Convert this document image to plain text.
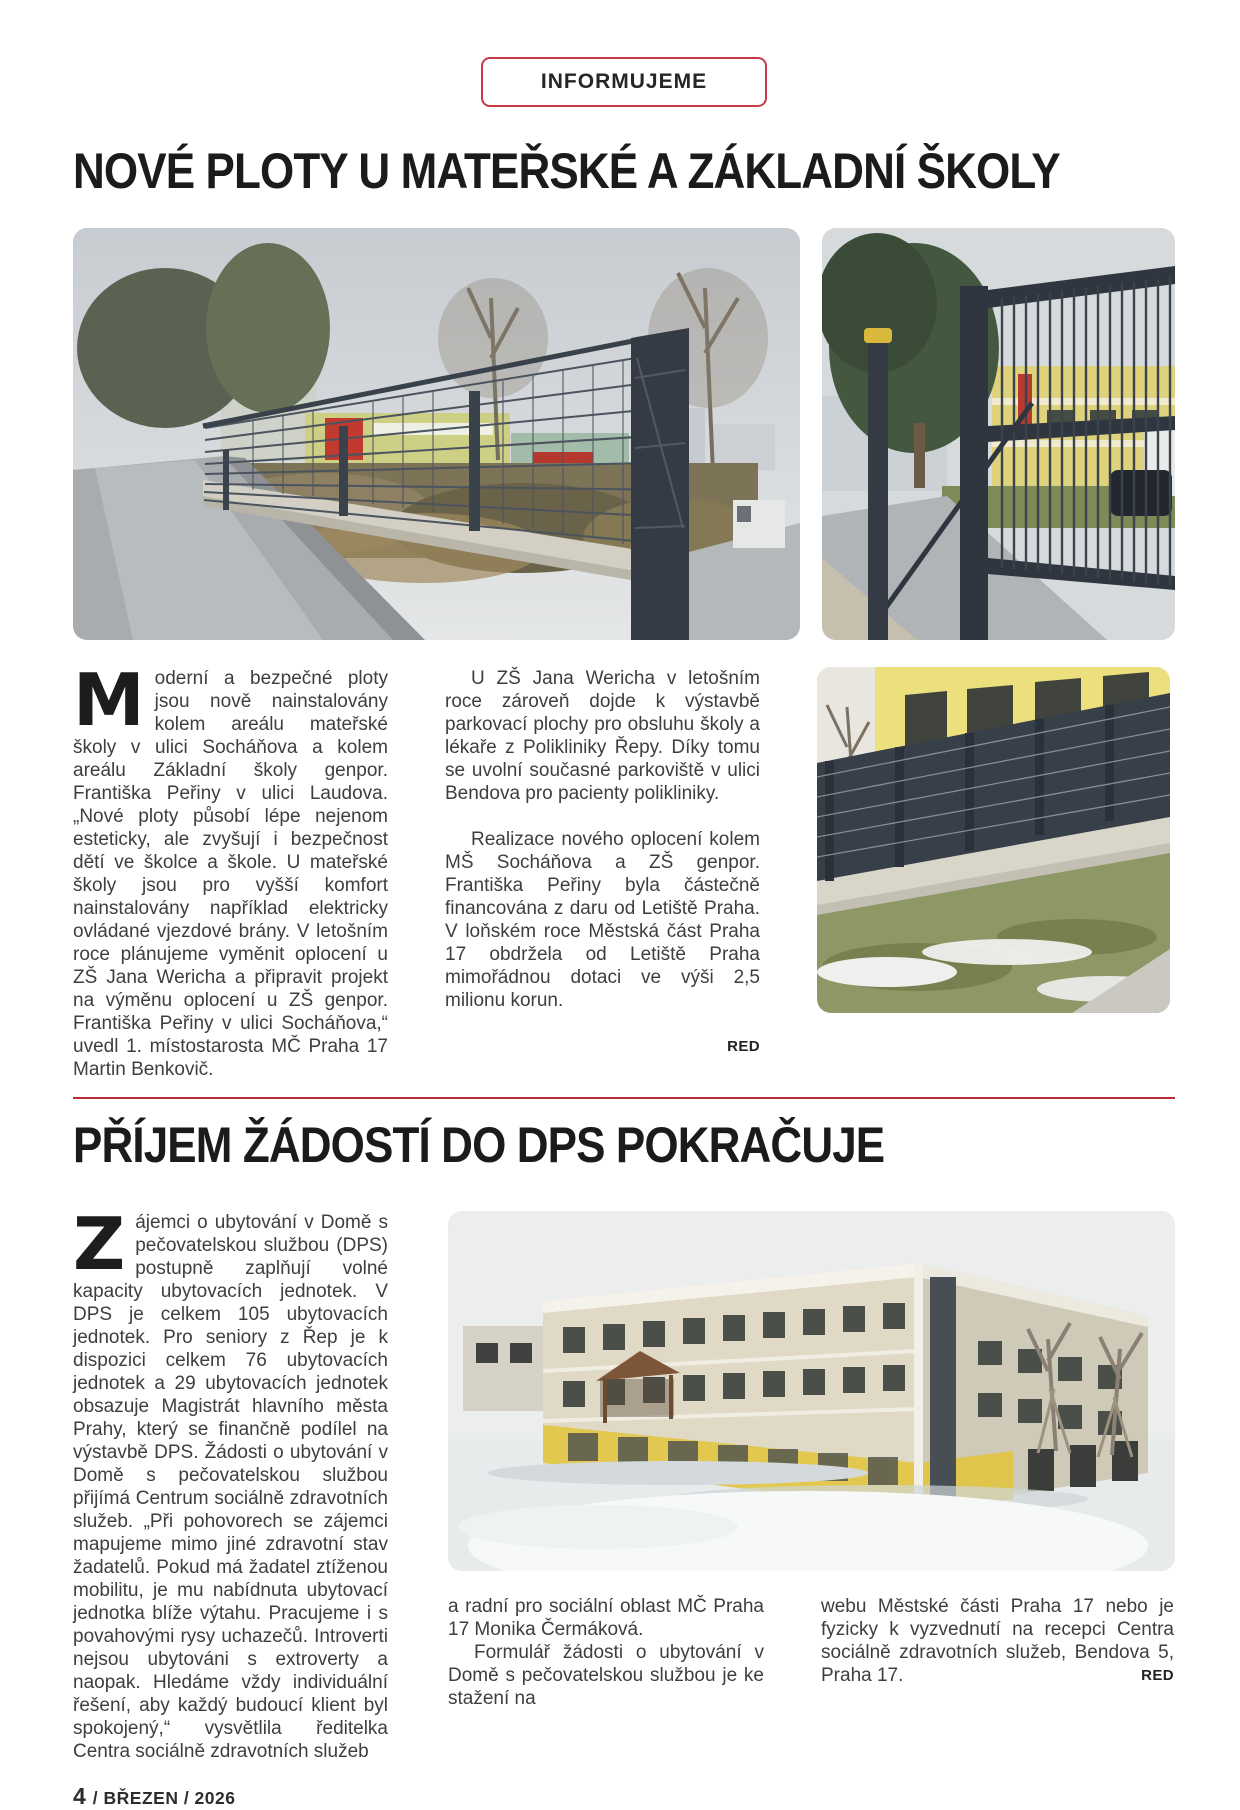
INFORMUJEME
NOVÉ PLOTY U MATEŘSKÉ A ZÁKLADNÍ ŠKOLY

Moderní a bezpečné ploty jsou nově nainstalovány kolem areálu mateřské školy v ulici Socháňova a kolem areálu Základní školy genpor. Františka Peřiny v ulici Laudova. „Nové ploty působí lépe nejenom esteticky, ale zvyšují i bezpečnost dětí ve školce a škole. U mateřské školy jsou pro vyšší komfort nainstalovány například elektricky ovládané vjezdové brány. V letošním roce plánujeme vyměnit oplocení u ZŠ Jana Wericha a připravit projekt na výměnu oplocení u ZŠ genpor. Františka Peřiny v ulici Socháňova,“ uvedl 1. místostarosta MČ Praha 17 Martin Benkovič.

U ZŠ Jana Wericha v letošním roce zároveň dojde k výstavbě parkovací plochy pro obsluhu školy a lékaře z Polikliniky Řepy. Díky tomu se uvolní současné parkoviště v ulici Bendova pro pacienty polikliniky.

Realizace nového oplocení kolem MŠ Socháňova a ZŠ genpor. Františka Peřiny byla částečně financována z daru od Letiště Praha. V loňském roce Městská část Praha 17 obdržela od Letiště Praha mimořádnou dotaci ve výši 2,5 milionu korun.

RED
PŘÍJEM ŽÁDOSTÍ DO DPS POKRAČUJE

Zájemci o ubytování v Domě s pečovatelskou službou (DPS) postupně zaplňují volné kapacity ubytovacích jednotek. V DPS je celkem 105 ubytovacích jednotek. Pro seniory z Řep je k dispozici celkem 76 ubytovacích jednotek a 29 ubytovacích jednotek obsazuje Magistrát hlavního města Prahy, který se finančně podílel na výstavbě DPS. Žádosti o ubytování v Domě s pečovatelskou službou přijímá Centrum sociálně zdravotních služeb. „Při pohovorech se zájemci mapujeme mimo jiné zdravotní stav žadatelů. Pokud má žadatel ztíženou mobilitu, je mu nabídnuta ubytovací jednotka blíže výtahu. Pracujeme i s povahovými rysy uchazečů. Introverti nejsou ubytováni s extroverty a naopak. Hledáme vždy individuální řešení, aby každý budoucí klient byl spokojený,“ vysvětlila ředitelka Centra sociálně zdravotních služeb

a radní pro sociální oblast MČ Praha 17 Monika Čermáková.

Formulář žádosti o ubytování v Domě s pečovatelskou službou je ke stažení na

webu Městské části Praha 17 nebo je fyzicky k vyzvednutí na recepci Centra sociálně zdravotních služeb, Bendova 5, Praha 17.	RED

4 / BŘEZEN / 2026
